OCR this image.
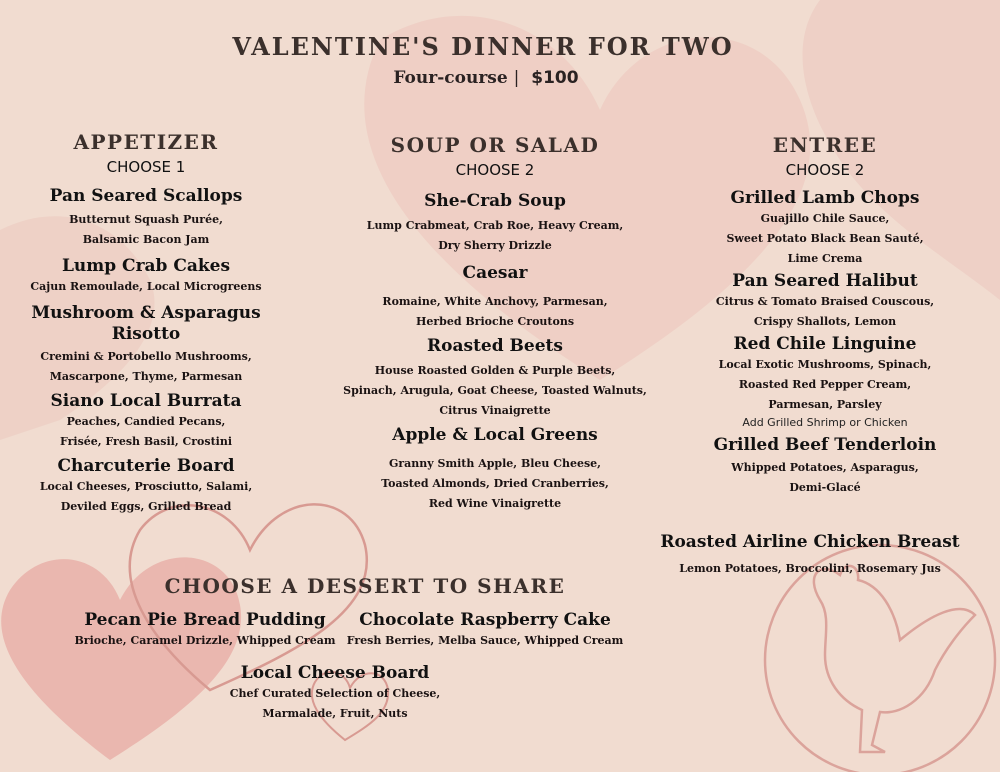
VALENTINE'S DINNER FOR TWO
Four-course | $100
APPETIZER
CHOOSE 1
Pan Seared Scallops
Butternut Squash Purée,
Balsamic Bacon Jam
Lump Crab Cakes
Cajun Remoulade, Local Microgreens
Mushroom & Asparagus Risotto
Cremini & Portobello Mushrooms,
Mascarpone, Thyme, Parmesan
Siano Local Burrata
Peaches, Candied Pecans,
Frisée, Fresh Basil, Crostini
Charcuterie Board
Local Cheeses, Prosciutto, Salami,
Deviled Eggs, Grilled Bread
SOUP OR SALAD
CHOOSE 2
She-Crab Soup
Lump Crabmeat, Crab Roe, Heavy Cream,
Dry Sherry Drizzle
Caesar
Romaine, White Anchovy, Parmesan,
Herbed Brioche Croutons
Roasted Beets
House Roasted Golden & Purple Beets,
Spinach, Arugula, Goat Cheese, Toasted Walnuts,
Citrus Vinaigrette
Apple & Local Greens
Granny Smith Apple, Bleu Cheese,
Toasted Almonds, Dried Cranberries,
Red Wine Vinaigrette
ENTREE
CHOOSE 2
Grilled Lamb Chops
Guajillo Chile Sauce,
Sweet Potato Black Bean Sauté,
Lime Crema
Pan Seared Halibut
Citrus & Tomato Braised Couscous,
Crispy Shallots, Lemon
Red Chile Linguine
Local Exotic Mushrooms, Spinach,
Roasted Red Pepper Cream,
Parmesan, Parsley
Add Grilled Shrimp or Chicken
Grilled Beef Tenderloin
Whipped Potatoes, Asparagus,
Demi-Glacé
Roasted Airline Chicken Breast
Lemon Potatoes, Broccolini, Rosemary Jus
CHOOSE A DESSERT TO SHARE
Pecan Pie Bread Pudding
Brioche, Caramel Drizzle, Whipped Cream
Chocolate Raspberry Cake
Fresh Berries, Melba Sauce, Whipped Cream
Local Cheese Board
Chef Curated Selection of Cheese,
Marmalade, Fruit, Nuts
